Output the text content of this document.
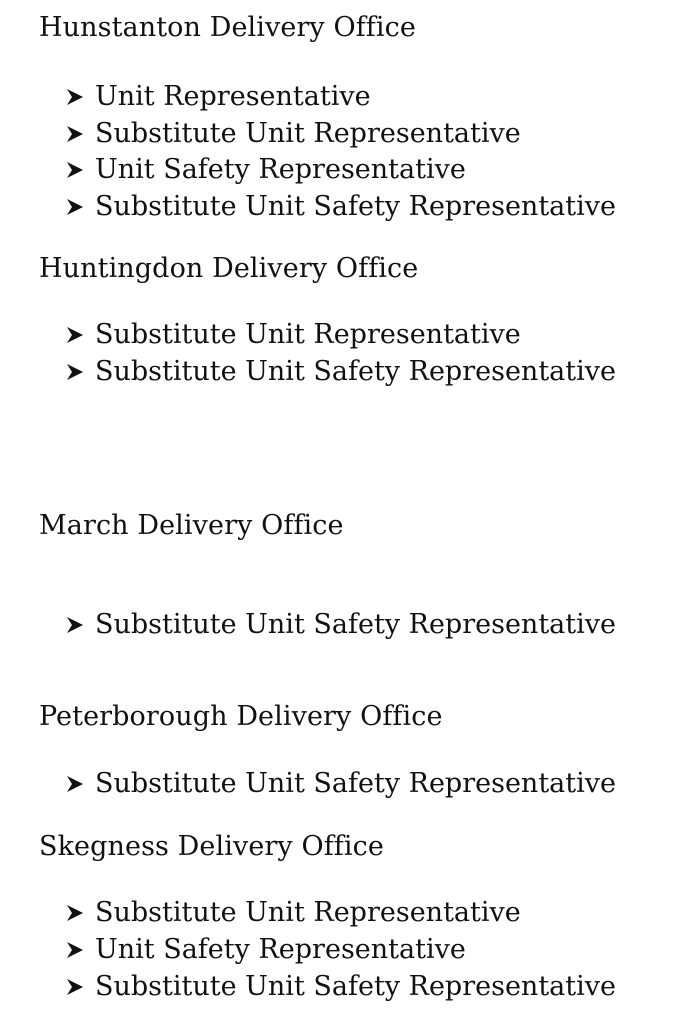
Hunstanton Delivery Office
Unit Representative
Substitute Unit Representative
Unit Safety Representative
Substitute Unit Safety Representative
Huntingdon Delivery Office
Substitute Unit Representative
Substitute Unit Safety Representative
March Delivery Office
Substitute Unit Safety Representative
Peterborough Delivery Office
Substitute Unit Safety Representative
Skegness Delivery Office
Substitute Unit Representative
Unit Safety Representative
Substitute Unit Safety Representative
